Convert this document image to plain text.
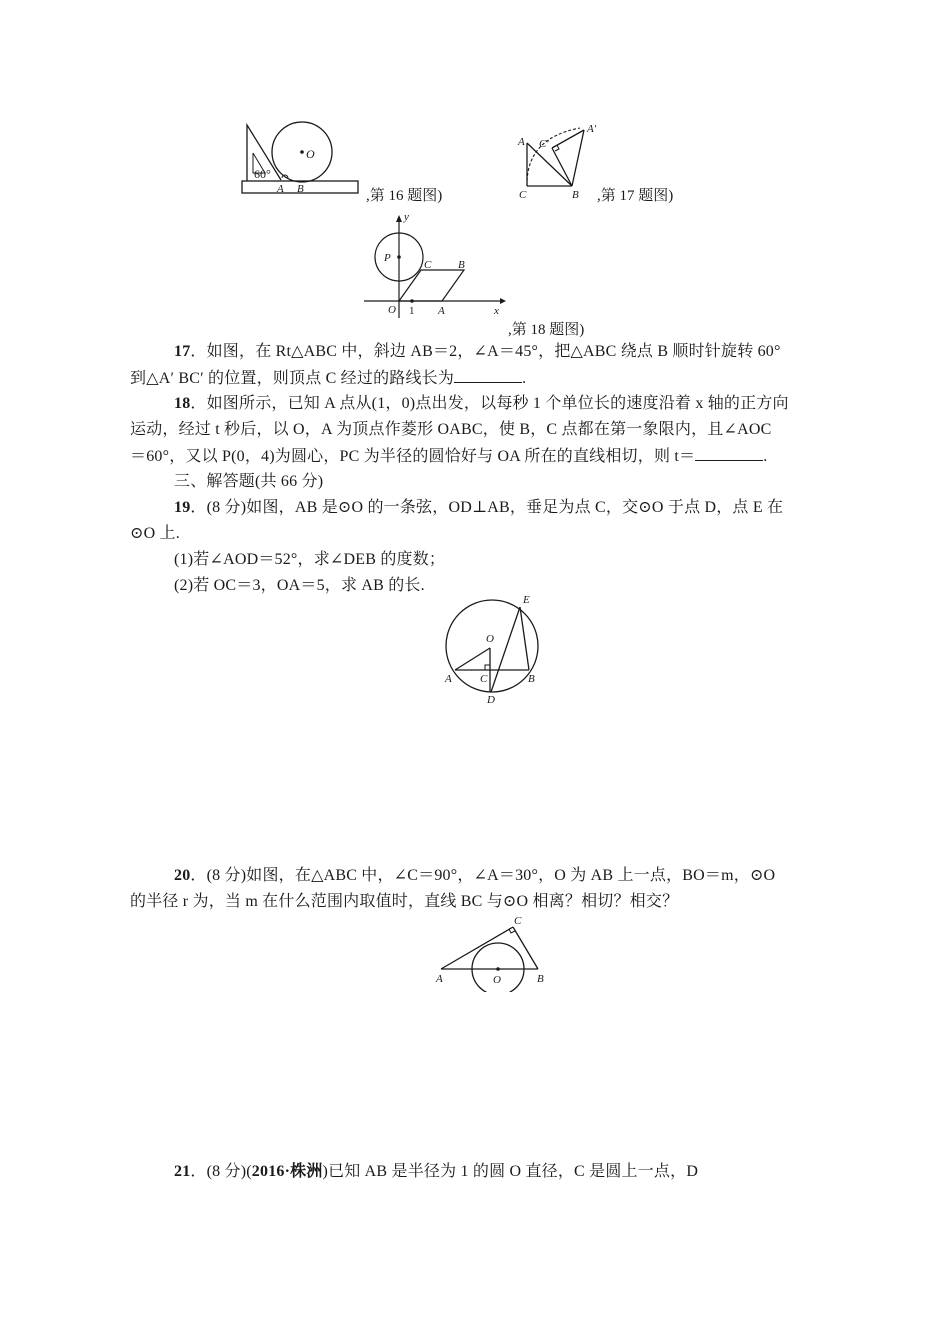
60°
O
A B	,第 16 题图)
A
A′
C′
C	B ,第 17 题图)
y
x
P
C B
O 1 A
,第 18 题图)
17．如图，在 Rt△ABC 中，斜边 AB＝2，∠A＝45°，把△ABC 绕点 B 顺时针旋转 60°
到△A′ BC′ 的位置，则顶点 C 经过的路线长为	.
18．如图所示，已知 A 点从(1，0)点出发，以每秒 1 个单位长的速度沿着 x 轴的正方向
运动，经过 t 秒后，以 O，A 为顶点作菱形 OABC，使 B，C 点都在第一象限内，且∠AOC
＝60°，又以 P(0，4)为圆心，PC 为半径的圆恰好与 OA 所在的直线相切，则 t＝	.
三、解答题(共 66 分)
19．(8 分)如图，AB 是⊙O 的一条弦，OD⊥AB，垂足为点 C，交⊙O 于点 D，点 E 在
⊙O 上.
(1)若∠AOD＝52°，求∠DEB 的度数；
(2)若 OC＝3，OA＝5，求 AB 的长.
E
O
A	C	B
D
20．(8 分)如图，在△ABC 中，∠C＝90°，∠A＝30°，O 为 AB 上一点，BO＝m，⊙O
的半径 r 为，当 m 在什么范围内取值时，直线 BC 与⊙O 相离？相切？相交？
C
A	O	B
21．(8 分)(2016·株洲)已知 AB 是半径为 1 的圆 O 直径，C 是圆上一点，D
